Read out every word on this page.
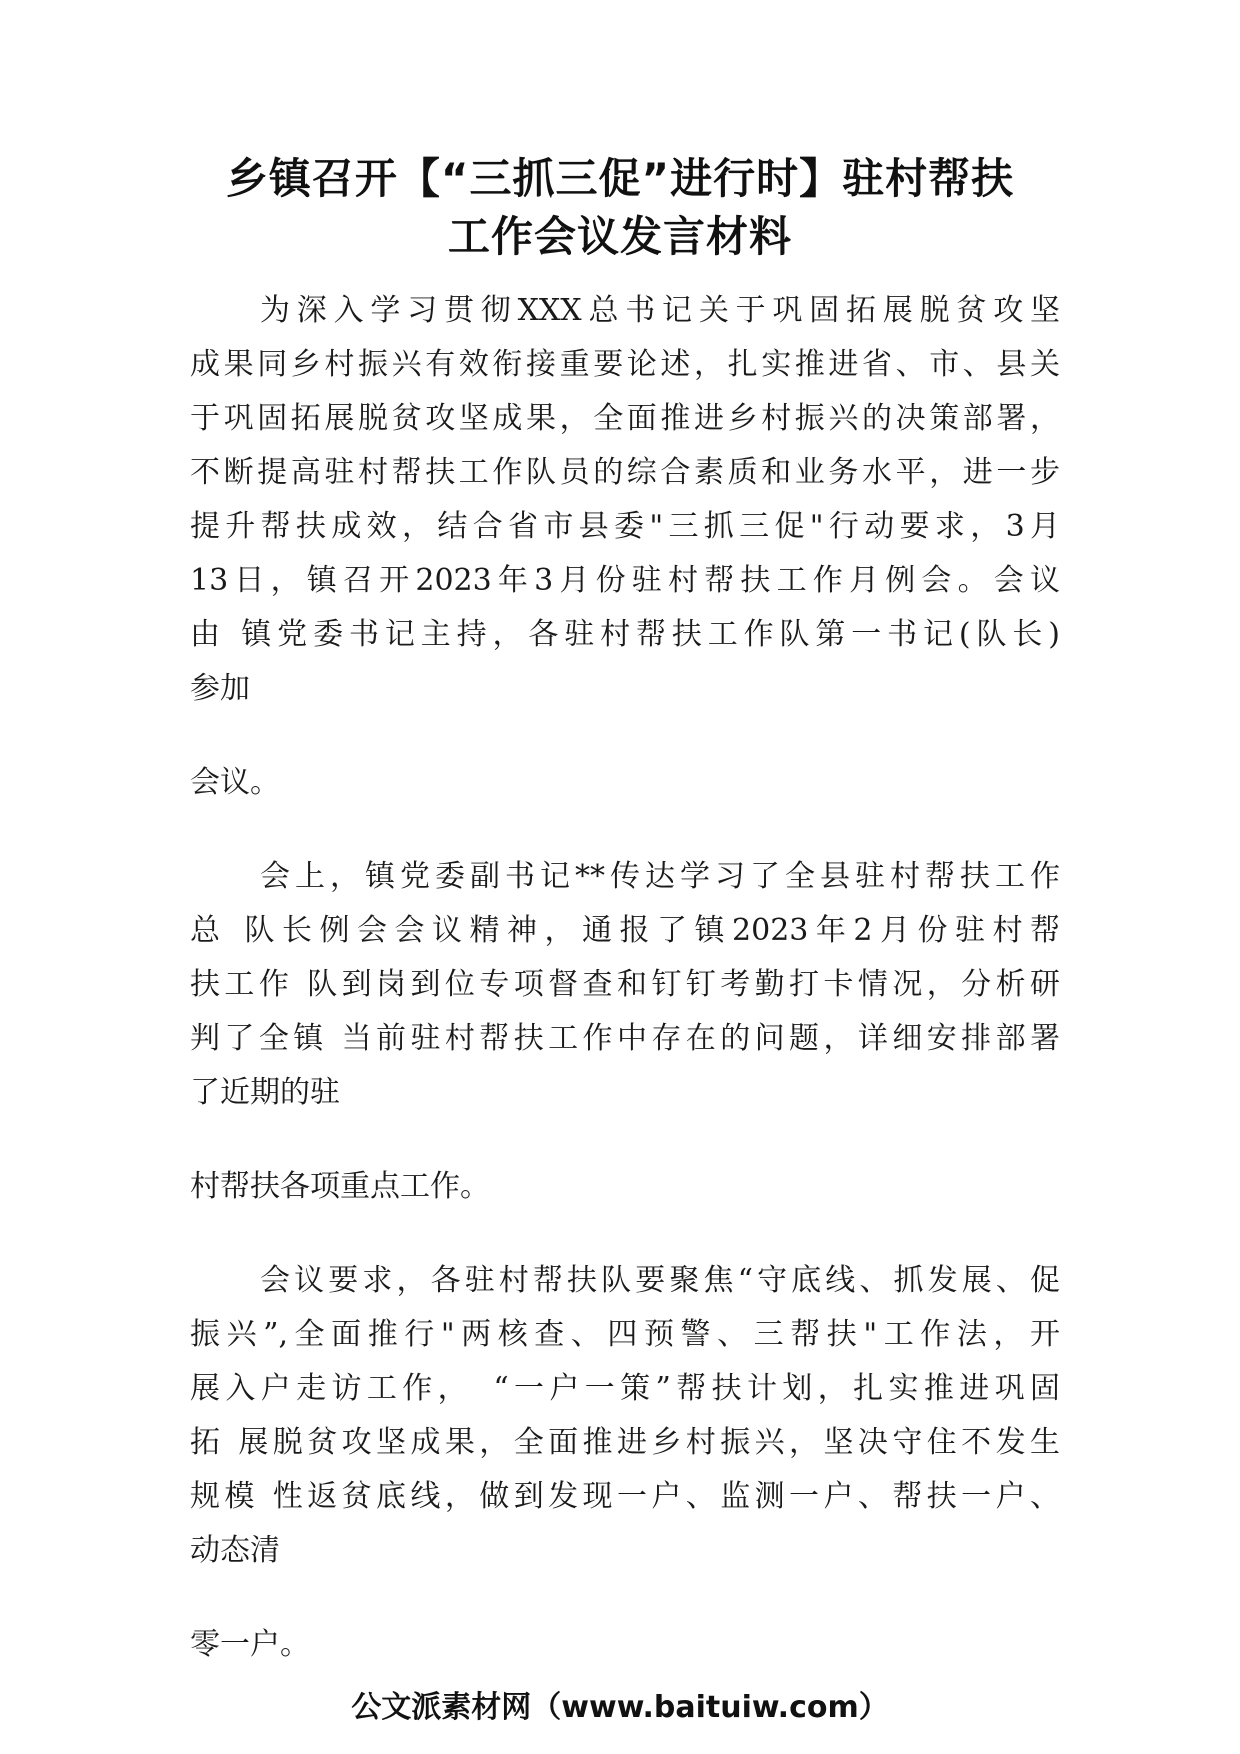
乡镇召开【“三抓三促”进行时】驻村帮扶
工作会议发言材料
为深入学习贯彻XXX总书记关于巩固拓展脱贫攻坚
成果同乡村振兴有效衔接重要论述，扎实推进省、市、县关
于巩固拓展脱贫攻坚成果，全面推进乡村振兴的决策部署，
不断提高驻村帮扶工作队员的综合素质和业务水平，进一步
提升帮扶成效，结合省市县委"三抓三促"行动要求，3月
13日，镇召开2023年3月份驻村帮扶工作月例会。会议
由 镇党委书记主持，各驻村帮扶工作队第一书记(队长)
参加
会议。
会上，镇党委副书记**传达学习了全县驻村帮扶工作
总 队长例会会议精神，通报了镇2023年2月份驻村帮
扶工作 队到岗到位专项督查和钉钉考勤打卡情况，分析研
判了全镇 当前驻村帮扶工作中存在的问题，详细安排部署
了近期的驻
村帮扶各项重点工作。
会议要求，各驻村帮扶队要聚焦“守底线、抓发展、促
振兴”,全面推行"两核查、四预警、三帮扶"工作法，开
展入户走访工作，　“一户一策”帮扶计划，扎实推进巩固
拓 展脱贫攻坚成果，全面推进乡村振兴，坚决守住不发生
规模 性返贫底线，做到发现一户、监测一户、帮扶一户、
动态清
零一户。

公文派素材网（www.baituiw.com）
